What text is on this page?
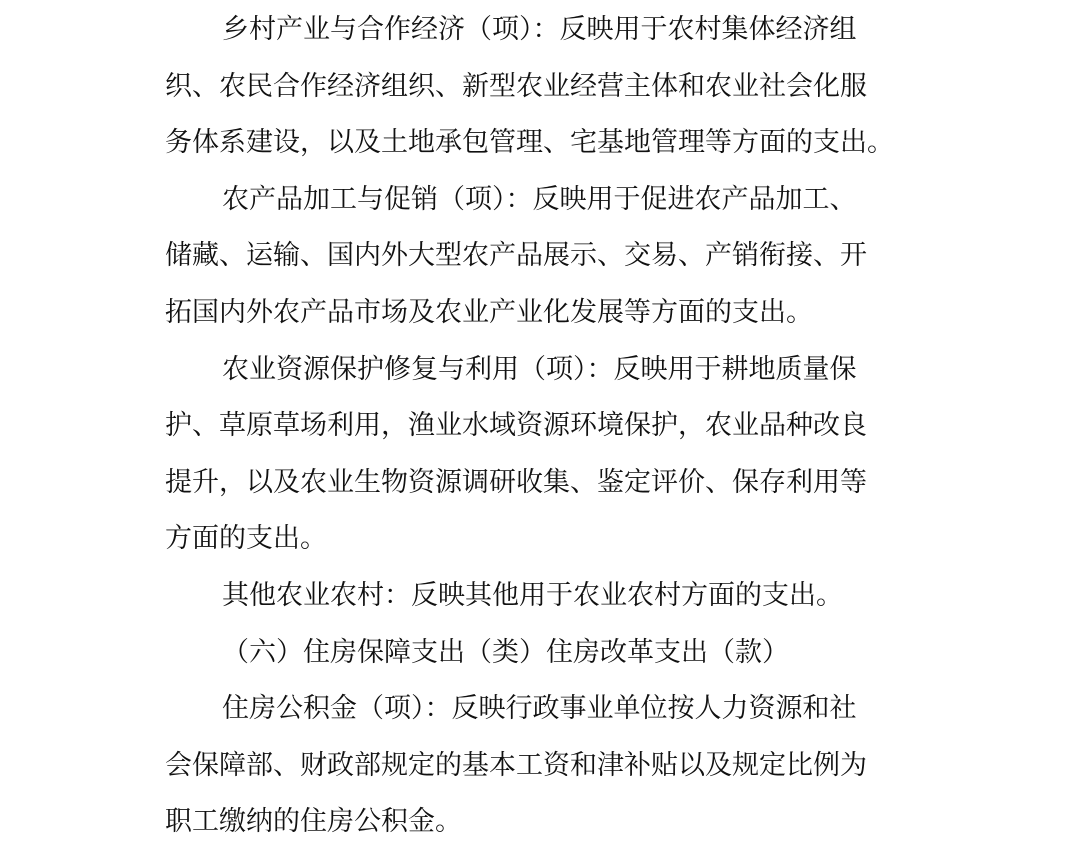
乡村产业与合作经济（项）：反映用于农村集体经济组
织、农民合作经济组织、新型农业经营主体和农业社会化服
务体系建设，以及土地承包管理、宅基地管理等方面的支出。
农产品加工与促销（项）：反映用于促进农产品加工、
储藏、运输、国内外大型农产品展示、交易、产销衔接、开
拓国内外农产品市场及农业产业化发展等方面的支出。
农业资源保护修复与利用（项）：反映用于耕地质量保
护、草原草场利用，渔业水域资源环境保护，农业品种改良
提升，以及农业生物资源调研收集、鉴定评价、保存利用等
方面的支出。
其他农业农村：反映其他用于农业农村方面的支出。
（六）住房保障支出（类）住房改革支出（款）
住房公积金（项）：反映行政事业单位按人力资源和社
会保障部、财政部规定的基本工资和津补贴以及规定比例为
职工缴纳的住房公积金。
